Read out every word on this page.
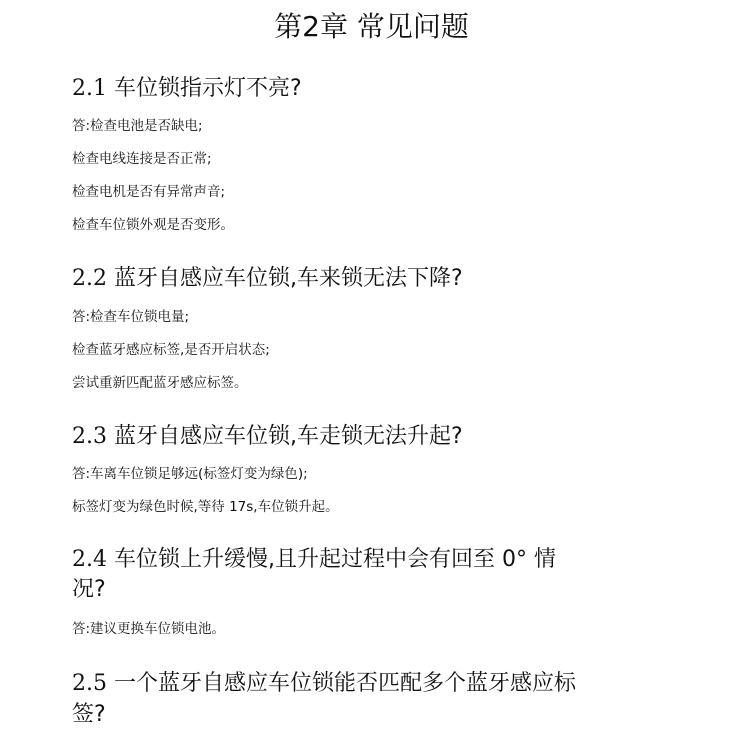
第2章 常见问题
2.1 车位锁指示灯不亮?

答:检查电池是否缺电;

检查电线连接是否正常;

检查电机是否有异常声音;

检查车位锁外观是否变形。

2.2 蓝牙自感应车位锁,车来锁无法下降?

答:检查车位锁电量;

检查蓝牙感应标签,是否开启状态;

尝试重新匹配蓝牙感应标签。

2.3 蓝牙自感应车位锁,车走锁无法升起?

答:车离车位锁足够远(标签灯变为绿色);

标签灯变为绿色时候,等待 17s,车位锁升起。

2.4 车位锁上升缓慢,且升起过程中会有回至 0° 情
况?

答:建议更换车位锁电池。

2.5 一个蓝牙自感应车位锁能否匹配多个蓝牙感应标
签?
